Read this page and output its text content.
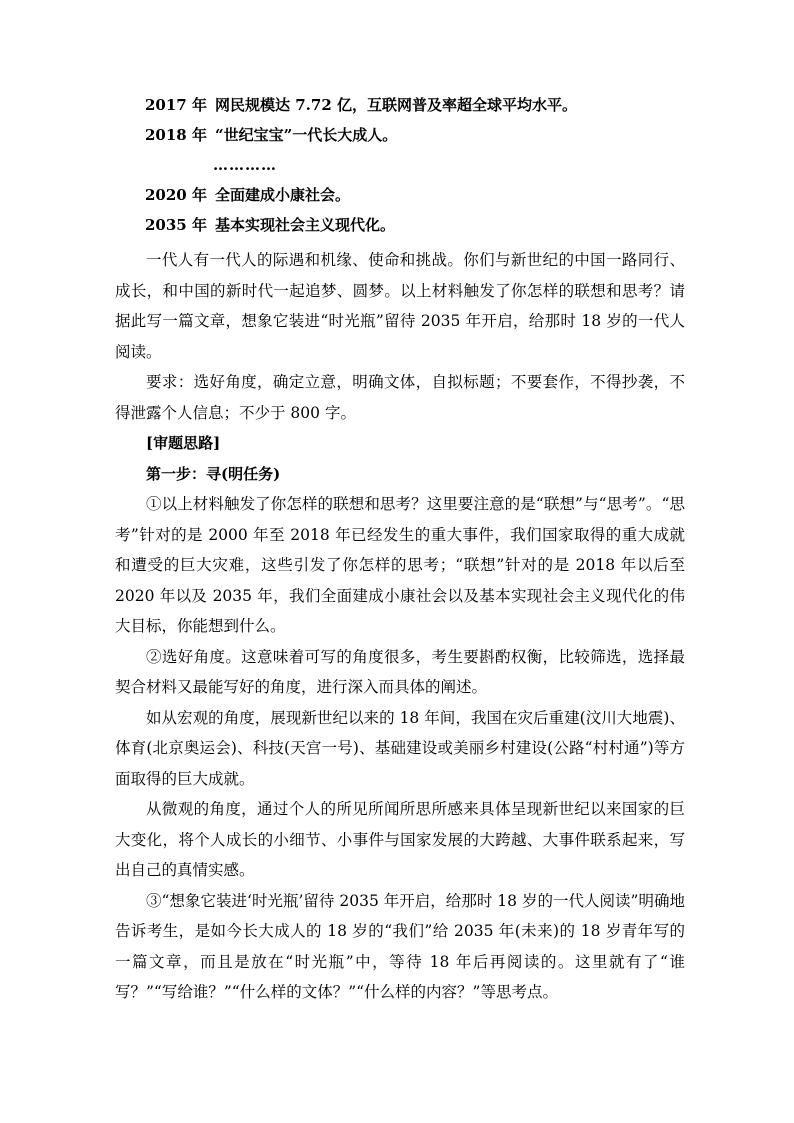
2017 年 网民规模达 7.72 亿，互联网普及率超全球平均水平。
2018 年 “世纪宝宝”一代长大成人。
…………
2020 年 全面建成小康社会。
2035 年 基本实现社会主义现代化。

一代人有一代人的际遇和机缘、使命和挑战。你们与新世纪的中国一路同行、成长，和中国的新时代一起追梦、圆梦。以上材料触发了你怎样的联想和思考？请据此写一篇文章，想象它装进“时光瓶”留待 2035 年开启，给那时 18 岁的一代人阅读。

要求：选好角度，确定立意，明确文体，自拟标题；不要套作，不得抄袭，不得泄露个人信息；不少于 800 字。

[审题思路]
第一步：寻(明任务)

①以上材料触发了你怎样的联想和思考？这里要注意的是“联想”与“思考”。“思考”针对的是 2000 年至 2018 年已经发生的重大事件，我们国家取得的重大成就和遭受的巨大灾难，这些引发了你怎样的思考；“联想”针对的是 2018 年以后至 2020 年以及 2035 年，我们全面建成小康社会以及基本实现社会主义现代化的伟大目标，你能想到什么。

②选好角度。这意味着可写的角度很多，考生要斟酌权衡，比较筛选，选择最契合材料又最能写好的角度，进行深入而具体的阐述。

如从宏观的角度，展现新世纪以来的 18 年间，我国在灾后重建(汶川大地震)、体育(北京奥运会)、科技(天宫一号)、基础建设或美丽乡村建设(公路“村村通”)等方面取得的巨大成就。

从微观的角度，通过个人的所见所闻所思所感来具体呈现新世纪以来国家的巨大变化，将个人成长的小细节、小事件与国家发展的大跨越、大事件联系起来，写出自己的真情实感。

③“想象它装进‘时光瓶’留待 2035 年开启，给那时 18 岁的一代人阅读”明确地告诉考生，是如今长大成人的 18 岁的“我们”给 2035 年(未来)的 18 岁青年写的一篇文章，而且是放在“时光瓶”中，等待 18 年后再阅读的。这里就有了“谁写？”“写给谁？”“什么样的文体？”“什么样的内容？”等思考点。
